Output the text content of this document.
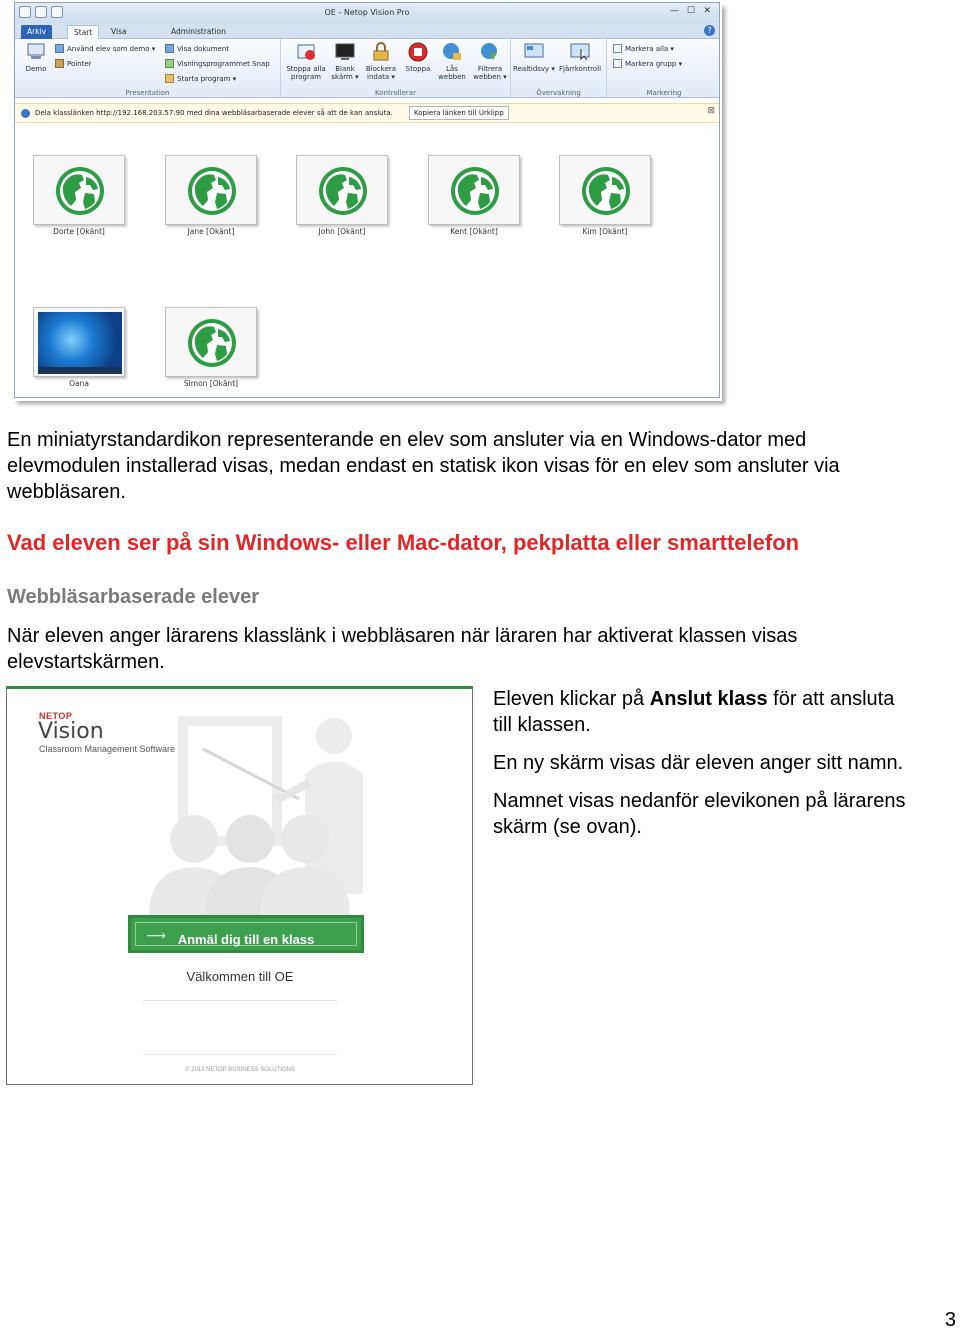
OE - Netop Vision Pro	— ☐ ✕
Arkiv	Start	Visa	Administration	?
Demo
Använd elev som demo ▾
Pointer
Visa dokument
Visningsprogrammet Snap
Starta program ▾
Presentation
Stoppa alla program
Blank skärm ▾
Blockera indata ▾
Stoppa	Lås webben
Filtrera webben ▾
Kontrollerar
Realtidsvy ▾ Fjärrkontroll
Övervakning
Markera alla ▾
Markera grupp ▾
Markering
Dela klasslänken http://192.168.203.57:90 med dina webbläsarbaserade elever så att de kan ansluta.	Kopiera länken till Urklipp	⊠
Dorte [Okänt]	Jane [Okänt]	John [Okänt]	Kent [Okänt]	Kim [Okänt]
Oana	Simon [Okänt]
En miniatyrstandardikon representerande en elev som ansluter via en Windows-dator med
elevmodulen installerad visas, medan endast en statisk ikon visas för en elev som ansluter via
webbläsaren.
Vad eleven ser på sin Windows- eller Mac-dator, pekplatta eller smarttelefon
Webbläsarbaserade elever
När eleven anger lärarens klasslänk i webbläsaren när läraren har aktiverat klassen visas
elevstartskärmen.
NETOP
Vision
Classroom Management Software
⟶ Anmäl dig till en klass
Välkommen till OE
© 2013 NETOP BUSINESS SOLUTIONS
Eleven klickar på Anslut klass för att ansluta
till klassen.
En ny skärm visas där eleven anger sitt namn.
Namnet visas nedanför elevikonen på lärarens
skärm (se ovan).
3
